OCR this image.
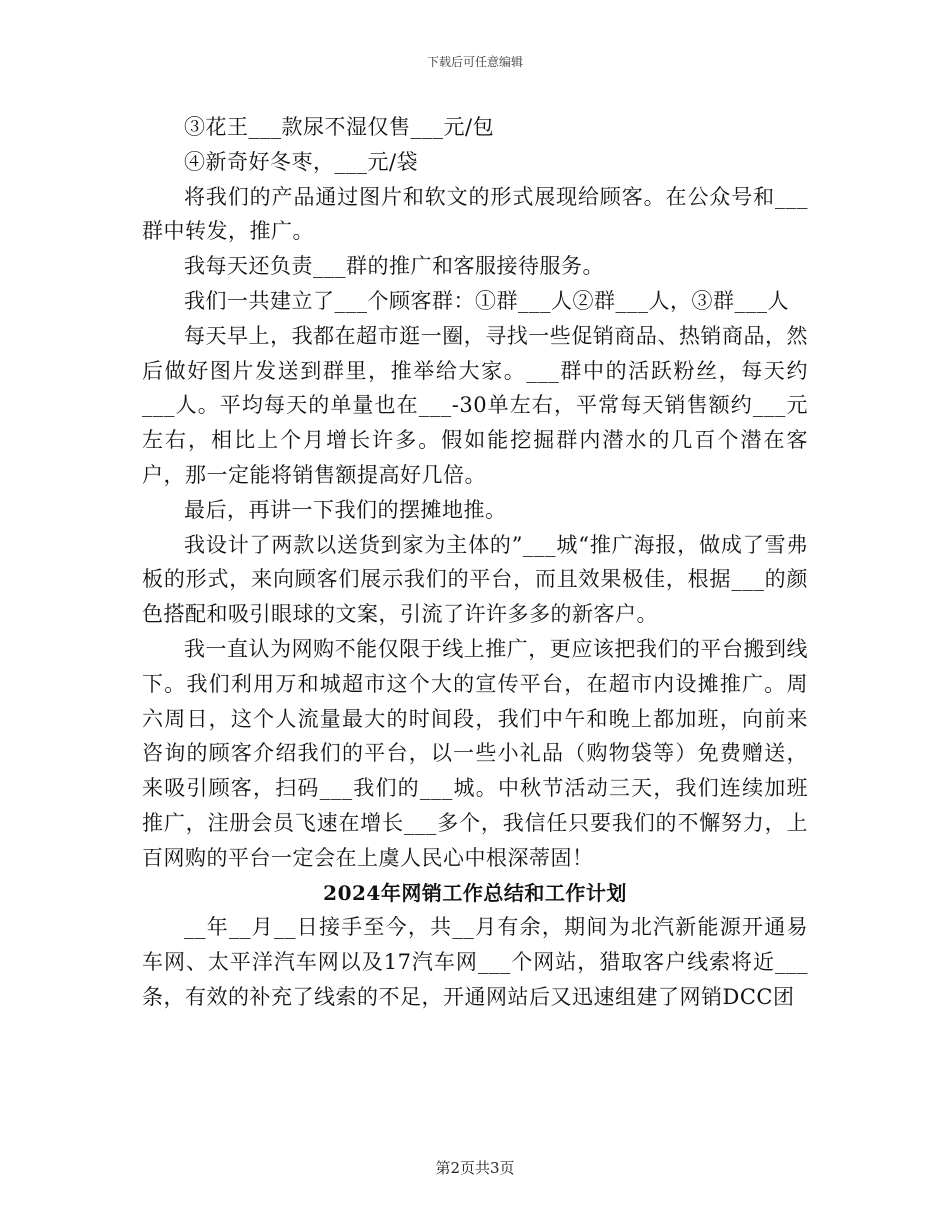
下载后可任意编辑

③花王___款尿不湿仅售___元/包

④新奇好冬枣，___元/袋

将我们的产品通过图片和软文的形式展现给顾客。在公众号和___群中转发，推广。

我每天还负责___群的推广和客服接待服务。

我们一共建立了___个顾客群：①群___人②群___人，③群___人

每天早上，我都在超市逛一圈，寻找一些促销商品、热销商品，然后做好图片发送到群里，推举给大家。___群中的活跃粉丝，每天约___人。平均每天的单量也在___-30单左右，平常每天销售额约___元左右，相比上个月增长许多。假如能挖掘群内潜水的几百个潜在客户，那一定能将销售额提高好几倍。

最后，再讲一下我们的摆摊地推。

我设计了两款以送货到家为主体的”___城“推广海报，做成了雪弗板的形式，来向顾客们展示我们的平台，而且效果极佳，根据___的颜色搭配和吸引眼球的文案，引流了许许多多的新客户。

我一直认为网购不能仅限于线上推广，更应该把我们的平台搬到线下。我们利用万和城超市这个大的宣传平台，在超市内设摊推广。周六周日，这个人流量最大的时间段，我们中午和晚上都加班，向前来咨询的顾客介绍我们的平台，以一些小礼品（购物袋等）免费赠送，来吸引顾客，扫码___我们的___城。中秋节活动三天，我们连续加班推广，注册会员飞速在增长___多个，我信任只要我们的不懈努力，上百网购的平台一定会在上虞人民心中根深蒂固！

2024年网销工作总结和工作计划

__年__月__日接手至今，共__月有余，期间为北汽新能源开通易车网、太平洋汽车网以及17汽车网___个网站，猎取客户线索将近___条，有效的补充了线索的不足，开通网站后又迅速组建了网销DCC团

第2页共3页
